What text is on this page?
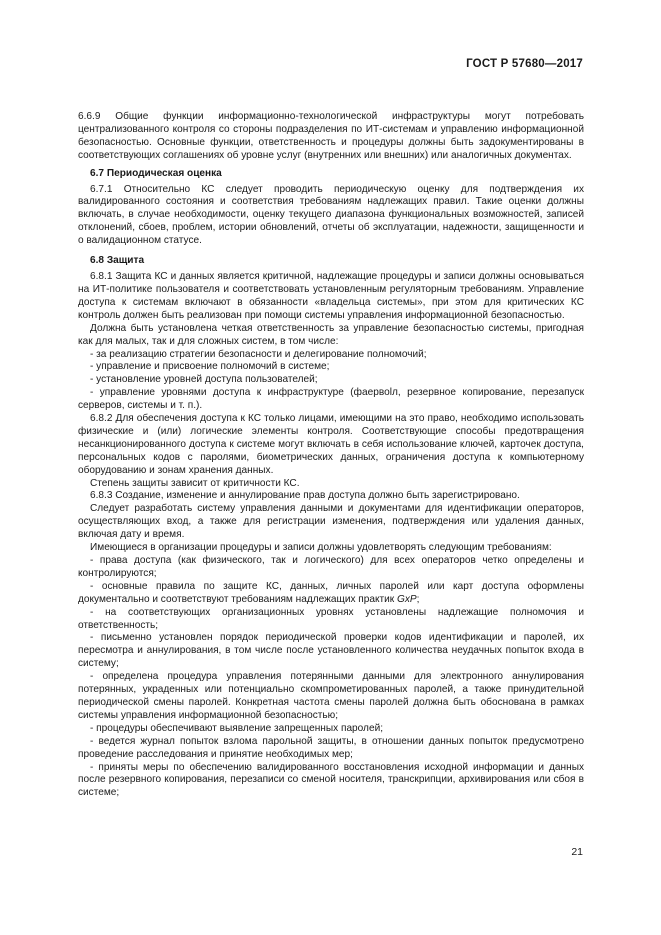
ГОСТ Р 57680—2017

6.6.9 Общие функции информационно-технологической инфраструктуры могут потребовать централизованного контроля со стороны подразделения по ИТ-системам и управлению информационной безопасностью. Основные функции, ответственность и процедуры должны быть задокументированы в соответствующих соглашениях об уровне услуг (внутренних или внешних) или аналогичных документах.

6.7 Периодическая оценка

6.7.1 Относительно КС следует проводить периодическую оценку для подтверждения их валидированного состояния и соответствия требованиям надлежащих правил. Такие оценки должны включать, в случае необходимости, оценку текущего диапазона функциональных возможностей, записей отклонений, сбоев, проблем, истории обновлений, отчеты об эксплуатации, надежности, защищенности и о валидационном статусе.

6.8 Защита

6.8.1 Защита КС и данных является критичной, надлежащие процедуры и записи должны основываться на ИТ-политике пользователя и соответствовать установленным регуляторным требованиям. Управление доступа к системам включают в обязанности «владельца системы», при этом для критических КС контроль должен быть реализован при помощи системы управления информационной безопасностью.

Должна быть установлена четкая ответственность за управление безопасностью системы, пригодная как для малых, так и для сложных систем, в том числе:

- за реализацию стратегии безопасности и делегирование полномочий;

- управление и присвоение полномочий в системе;

- установление уровней доступа пользователей;

- управление уровнями доступа к инфраструктуре (фаервolл, резервное копирование, перезапуск серверов, системы и т. п.).

6.8.2 Для обеспечения доступа к КС только лицами, имеющими на это право, необходимо использовать физические и (или) логические элементы контроля. Соответствующие способы предотвращения несанкционированного доступа к системе могут включать в себя использование ключей, карточек доступа, персональных кодов с паролями, биометрических данных, ограничения доступа к компьютерному оборудованию и зонам хранения данных.

Степень защиты зависит от критичности КС.

6.8.3 Создание, изменение и аннулирование прав доступа должно быть зарегистрировано.

Следует разработать систему управления данными и документами для идентификации операторов, осуществляющих вход, а также для регистрации изменения, подтверждения или удаления данных, включая дату и время.

Имеющиеся в организации процедуры и записи должны удовлетворять следующим требованиям:

- права доступа (как физического, так и логического) для всех операторов четко определены и контролируются;

- основные правила по защите КС, данных, личных паролей или карт доступа оформлены документально и соответствуют требованиям надлежащих практик GxP;

- на соответствующих организационных уровнях установлены надлежащие полномочия и ответственность;

- письменно установлен порядок периодической проверки кодов идентификации и паролей, их пересмотра и аннулирования, в том числе после установленного количества неудачных попыток входа в систему;

- определена процедура управления потерянными данными для электронного аннулирования потерянных, украденных или потенциально скомпрометированных паролей, а также принудительной периодической смены паролей. Конкретная частота смены паролей должна быть обоснована в рамках системы управления информационной безопасностью;

- процедуры обеспечивают выявление запрещенных паролей;

- ведется журнал попыток взлома парольной защиты, в отношении данных попыток предусмотрено проведение расследования и принятие необходимых мер;

- приняты меры по обеспечению валидированного восстановления исходной информации и данных после резервного копирования, перезаписи со сменой носителя, транскрипции, архивирования или сбоя в системе;

21
